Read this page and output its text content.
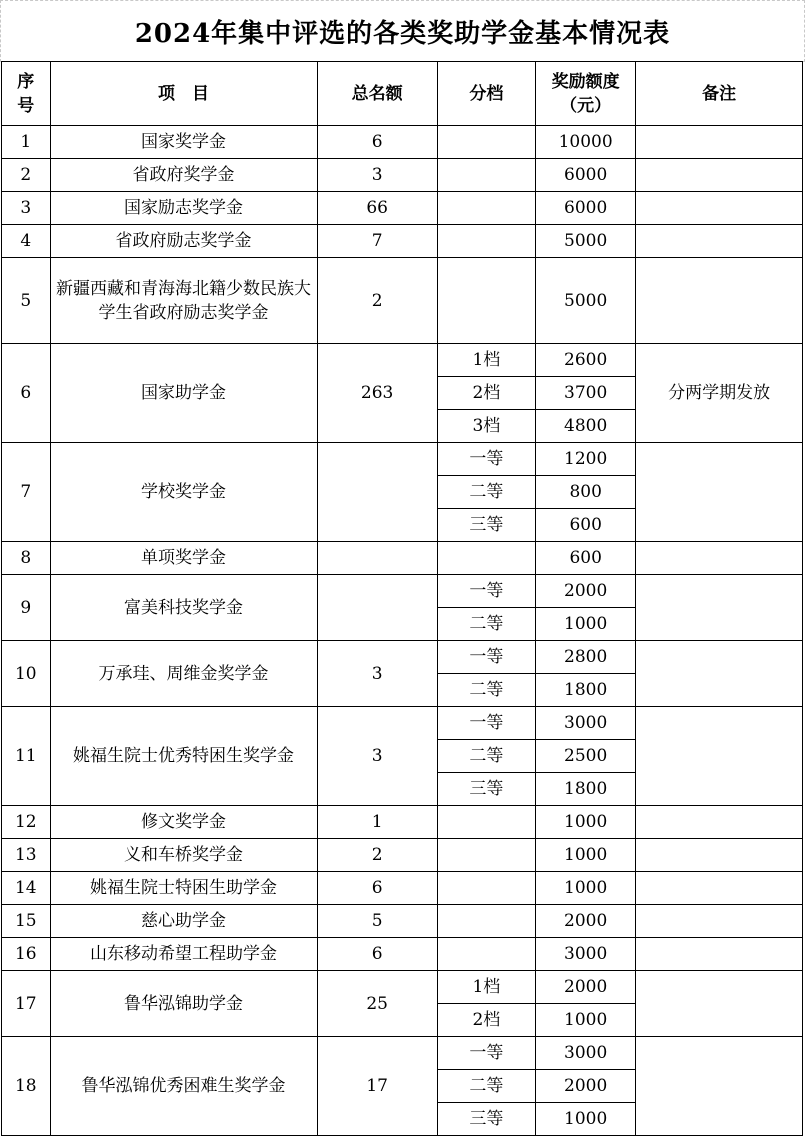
2024年集中评选的各类奖助学金基本情况表
序号	项　目	总名额	分档	奖励额度（元）	备注
1	国家奖学金	6		10000	
2	省政府奖学金	3		6000	
3	国家励志奖学金	66		6000	
4	省政府励志奖学金	7		5000	
5	新疆西藏和青海海北籍少数民族大学生省政府励志奖学金	2		5000	
6	国家助学金	263	1档	2600	分两学期发放
			2档	3700	
			3档	4800	
7	学校奖学金		一等	1200	
			二等	800	
			三等	600	
8	单项奖学金			600	
9	富美科技奖学金		一等	2000	
			二等	1000	
10	万承珪、周维金奖学金	3	一等	2800	
			二等	1800	
11	姚福生院士优秀特困生奖学金	3	一等	3000	
			二等	2500	
			三等	1800	
12	修文奖学金	1		1000	
13	义和车桥奖学金	2		1000	
14	姚福生院士特困生助学金	6		1000	
15	慈心助学金	5		2000	
16	山东移动希望工程助学金	6		3000	
17	鲁华泓锦助学金	25	1档	2000	
			2档	1000	
18	鲁华泓锦优秀困难生奖学金	17	一等	3000	
			二等	2000	
			三等	1000	
